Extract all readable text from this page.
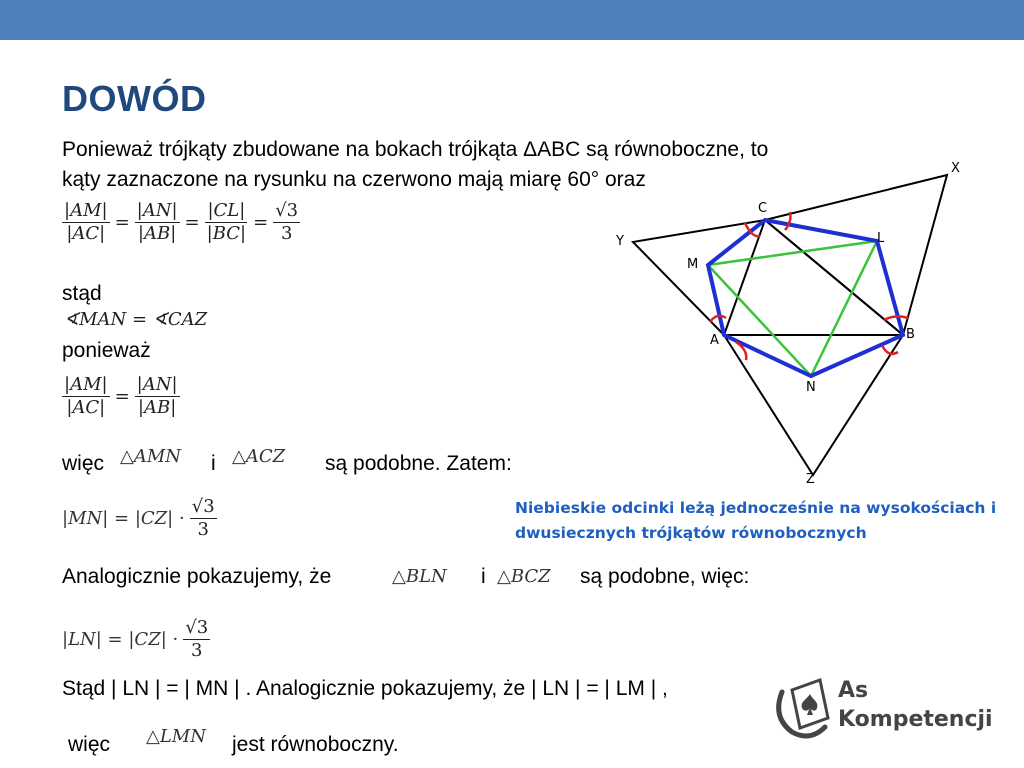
DOWÓD
Ponieważ trójkąty zbudowane na bokach trójkąta ΔABC są równoboczne, to
kąty zaznaczone na rysunku na czerwono mają miarę 60° oraz
$\frac{|AM|}{|AC|} = \frac{|AN|}{|AB|} = \frac{|CL|}{|BC|} = \frac{√3}{3}$
stąd
∢MAN = ∢CAZ
ponieważ
$\frac{|AM|}{|AC|} = \frac{|AN|}{|AB|}$
więc △AMN i △ACZ są podobne. Zatem:
$|MN| = |CZ| \cdot \frac{√3}{3}$
Analogicznie pokazujemy, że	△BLN i △BCZ są podobne, więc:
$|LN| = |CZ| \cdot \frac{√3}{3}$
Stąd | LN | = | MN | . Analogicznie pokazujemy, że | LN | = | LM | ,
więc △LMN jest równoboczny.
Niebieskie odcinki leżą jednocześnie na wysokościach i
dwusiecznych trójkątów równobocznych
X
Y
C
L
M
A	B
N
Z
As
Kompetencji
